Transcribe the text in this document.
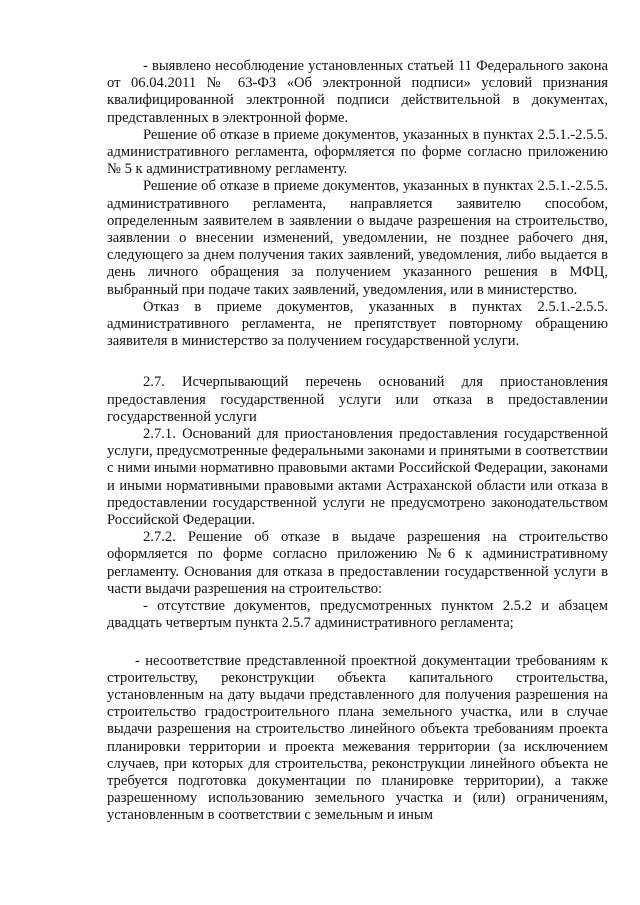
- выявлено несоблюдение установленных статьей 11 Федерального закона от 06.04.2011 № 63-ФЗ «Об электронной подписи» условий признания квалифицированной электронной подписи действительной в документах, представленных в электронной форме.

Решение об отказе в приеме документов, указанных в пунктах 2.5.1.-2.5.5. административного регламента, оформляется по форме согласно приложению № 5 к административному регламенту.

Решение об отказе в приеме документов, указанных в пунктах 2.5.1.-2.5.5. административного регламента, направляется заявителю способом, определенным заявителем в заявлении о выдаче разрешения на строительство, заявлении о внесении изменений, уведомлении, не позднее рабочего дня, следующего за днем получения таких заявлений, уведомления, либо выдается в день личного обращения за получением указанного решения в МФЦ, выбранный при подаче таких заявлений, уведомления, или в министерство.

Отказ в приеме документов, указанных в пунктах 2.5.1.-2.5.5. административного регламента, не препятствует повторному обращению заявителя в министерство за получением государственной услуги.

2.7. Исчерпывающий перечень оснований для приостановления предоставления государственной услуги или отказа в предоставлении государственной услуги

2.7.1. Оснований для приостановления предоставления государственной услуги, предусмотренные федеральными законами и принятыми в соответствии с ними иными нормативно правовыми актами Российской Федерации, законами и иными нормативными правовыми актами Астраханской области или отказа в предоставлении государственной услуги не предусмотрено законодательством Российской Федерации.

2.7.2. Решение об отказе в выдаче разрешения на строительство оформляется по форме согласно приложению №6 к административному регламенту. Основания для отказа в предоставлении государственной услуги в части выдачи разрешения на строительство:

- отсутствие документов, предусмотренных пунктом 2.5.2 и абзацем двадцать четвертым пункта 2.5.7 административного регламента;

- несоответствие представленной проектной документации требованиям к строительству, реконструкции объекта капитального строительства, установленным на дату выдачи представленного для получения разрешения на строительство градостроительного плана земельного участка, или в случае выдачи разрешения на строительство линейного объекта требованиям проекта планировки территории и проекта межевания территории (за исключением случаев, при которых для строительства, реконструкции линейного объекта не требуется подготовка документации по планировке территории), а также разрешенному использованию земельного участка и (или) ограничениям, установленным в соответствии с земельным и иным
